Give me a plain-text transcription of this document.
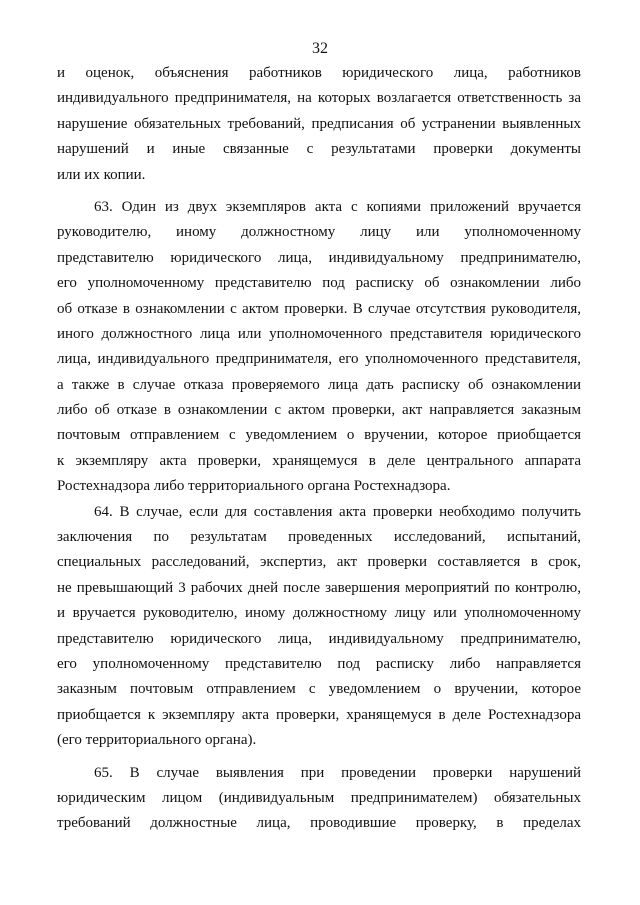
32
и оценок, объяснения работников юридического лица, работников
индивидуального предпринимателя, на которых возлагается ответственность за
нарушение обязательных требований, предписания об устранении выявленных
нарушений и иные связанные с результатами проверки документы
или их копии.
63. Один из двух экземпляров акта с копиями приложений вручается
руководителю, иному должностному лицу или уполномоченному
представителю юридического лица, индивидуальному предпринимателю,
его уполномоченному представителю под расписку об ознакомлении либо
об отказе в ознакомлении с актом проверки. В случае отсутствия руководителя,
иного должностного лица или уполномоченного представителя юридического
лица, индивидуального предпринимателя, его уполномоченного представителя,
а также в случае отказа проверяемого лица дать расписку об ознакомлении
либо об отказе в ознакомлении с актом проверки, акт направляется заказным
почтовым отправлением с уведомлением о вручении, которое приобщается
к экземпляру акта проверки, хранящемуся в деле центрального аппарата
Ростехнадзора либо территориального органа Ростехнадзора.
64. В случае, если для составления акта проверки необходимо получить
заключения по результатам проведенных исследований, испытаний,
специальных расследований, экспертиз, акт проверки составляется в срок,
не превышающий 3 рабочих дней после завершения мероприятий по контролю,
и вручается руководителю, иному должностному лицу или уполномоченному
представителю юридического лица, индивидуальному предпринимателю,
его уполномоченному представителю под расписку либо направляется
заказным почтовым отправлением с уведомлением о вручении, которое
приобщается к экземпляру акта проверки, хранящемуся в деле Ростехнадзора
(его территориального органа).
65. В случае выявления при проведении проверки нарушений
юридическим лицом (индивидуальным предпринимателем) обязательных
требований должностные лица, проводившие проверку, в пределах
